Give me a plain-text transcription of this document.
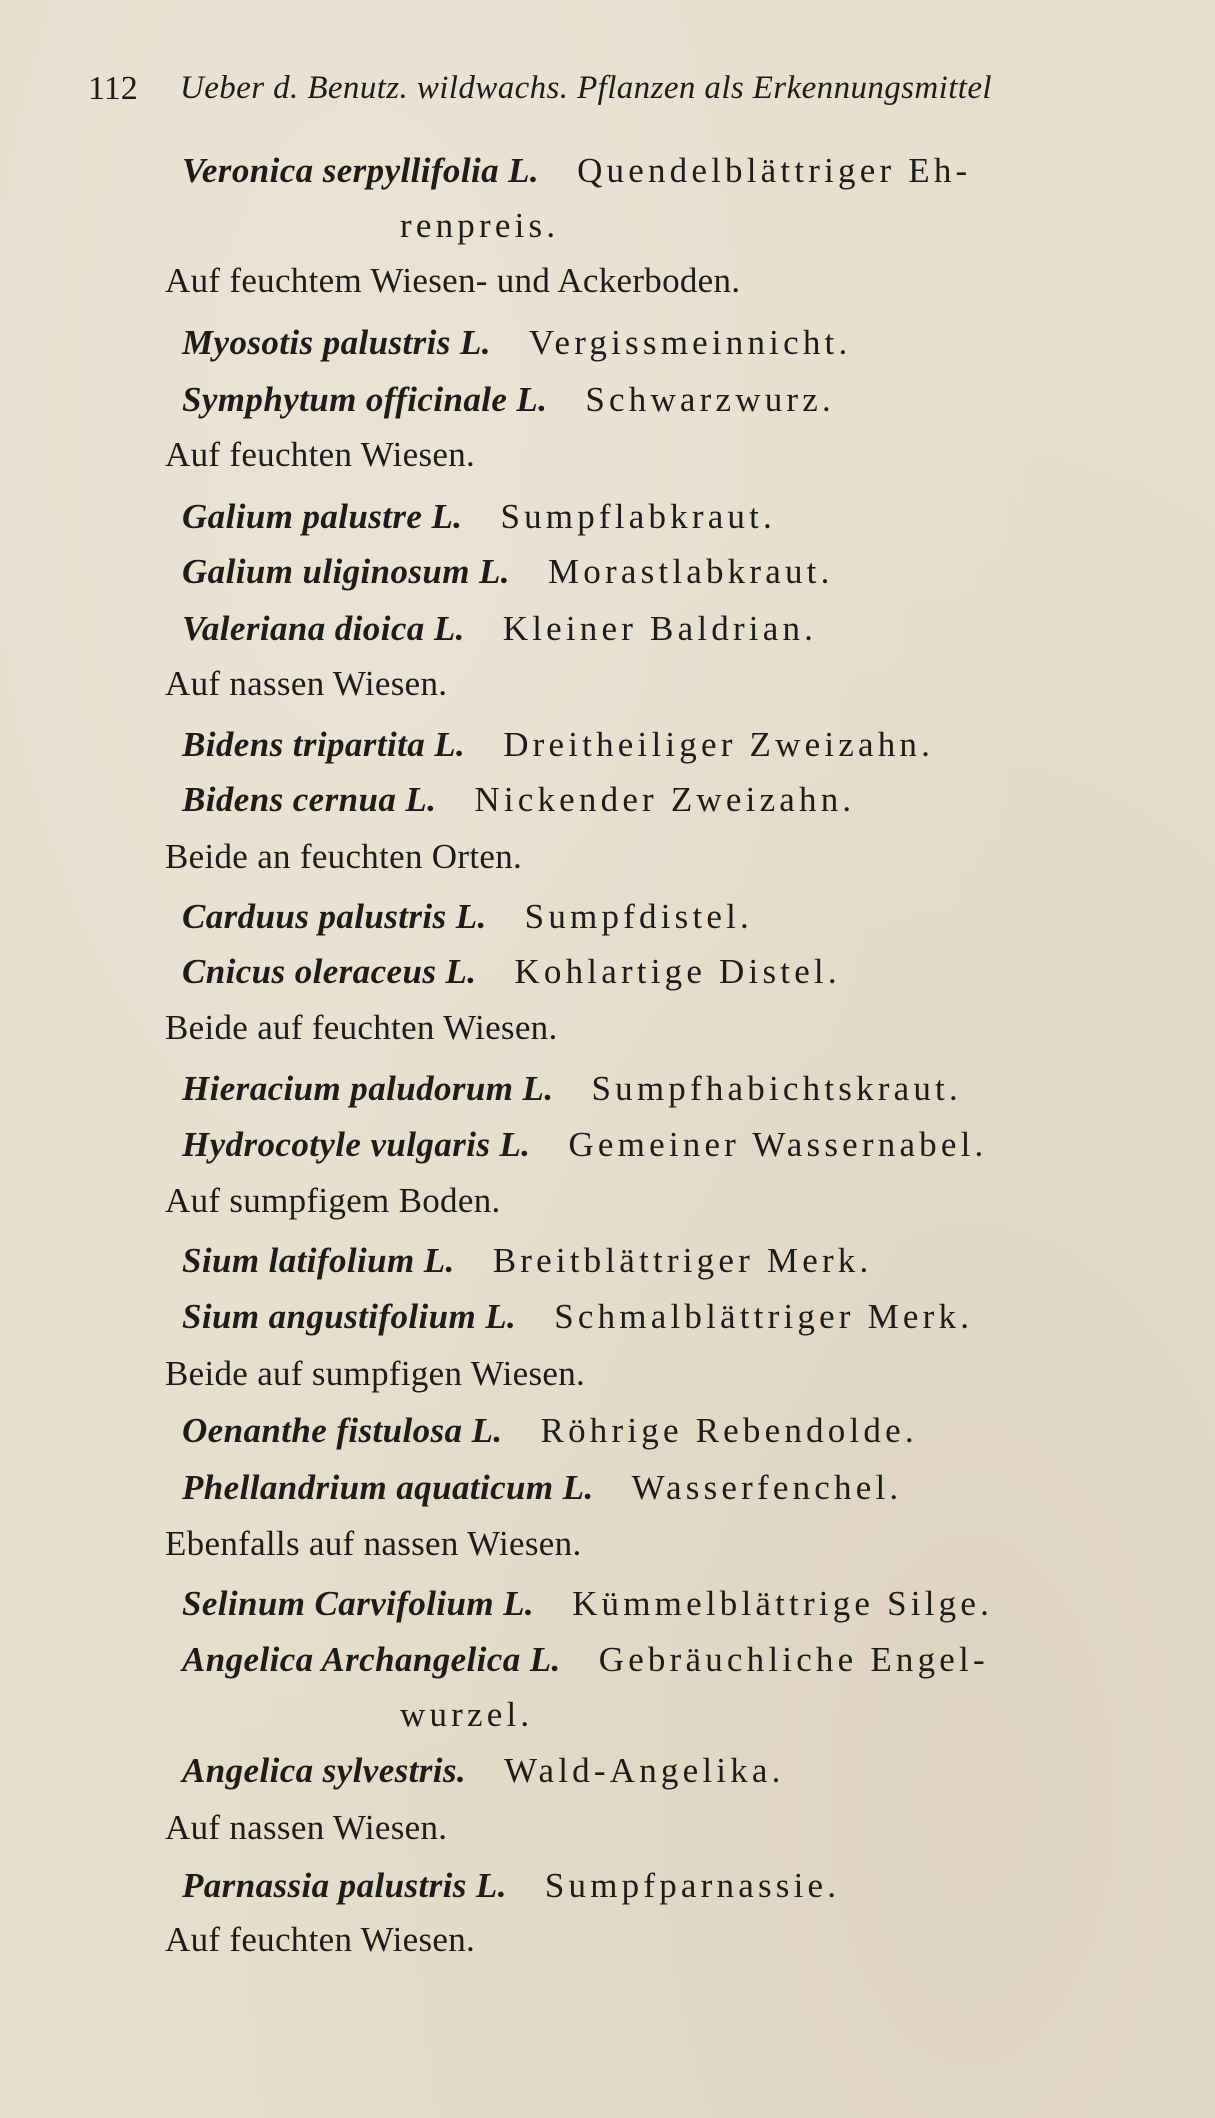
112 Ueber d. Benutz. wildwachs. Pflanzen als Erkennungsmittel
Veronica serpyllifolia L. Quendelblättriger Eh-
renpreis.
Auf feuchtem Wiesen- und Ackerboden.
Myosotis palustris L. Vergissmeinnicht.
Symphytum officinale L. Schwarzwurz.
Auf feuchten Wiesen.
Galium palustre L. Sumpflabkraut.
Galium uliginosum L. Morastlabkraut.
Valeriana dioica L. Kleiner Baldrian.
Auf nassen Wiesen.
Bidens tripartita L. Dreitheiliger Zweizahn.
Bidens cernua L. Nickender Zweizahn.
Beide an feuchten Orten.
Carduus palustris L. Sumpfdistel.
Cnicus oleraceus L. Kohlartige Distel.
Beide auf feuchten Wiesen.
Hieracium paludorum L. Sumpfhabichtskraut.
Hydrocotyle vulgaris L. Gemeiner Wassernabel.
Auf sumpfigem Boden.
Sium latifolium L. Breitblättriger Merk.
Sium angustifolium L. Schmalblättriger Merk.
Beide auf sumpfigen Wiesen.
Oenanthe fistulosa L. Röhrige Rebendolde.
Phellandrium aquaticum L. Wasserfenchel.
Ebenfalls auf nassen Wiesen.
Selinum Carvifolium L. Kümmelblättrige Silge.
Angelica Archangelica L. Gebräuchliche Engel-
wurzel.
Angelica sylvestris. Wald-Angelika.
Auf nassen Wiesen.
Parnassia palustris L. Sumpfparnassie.
Auf feuchten Wiesen.
